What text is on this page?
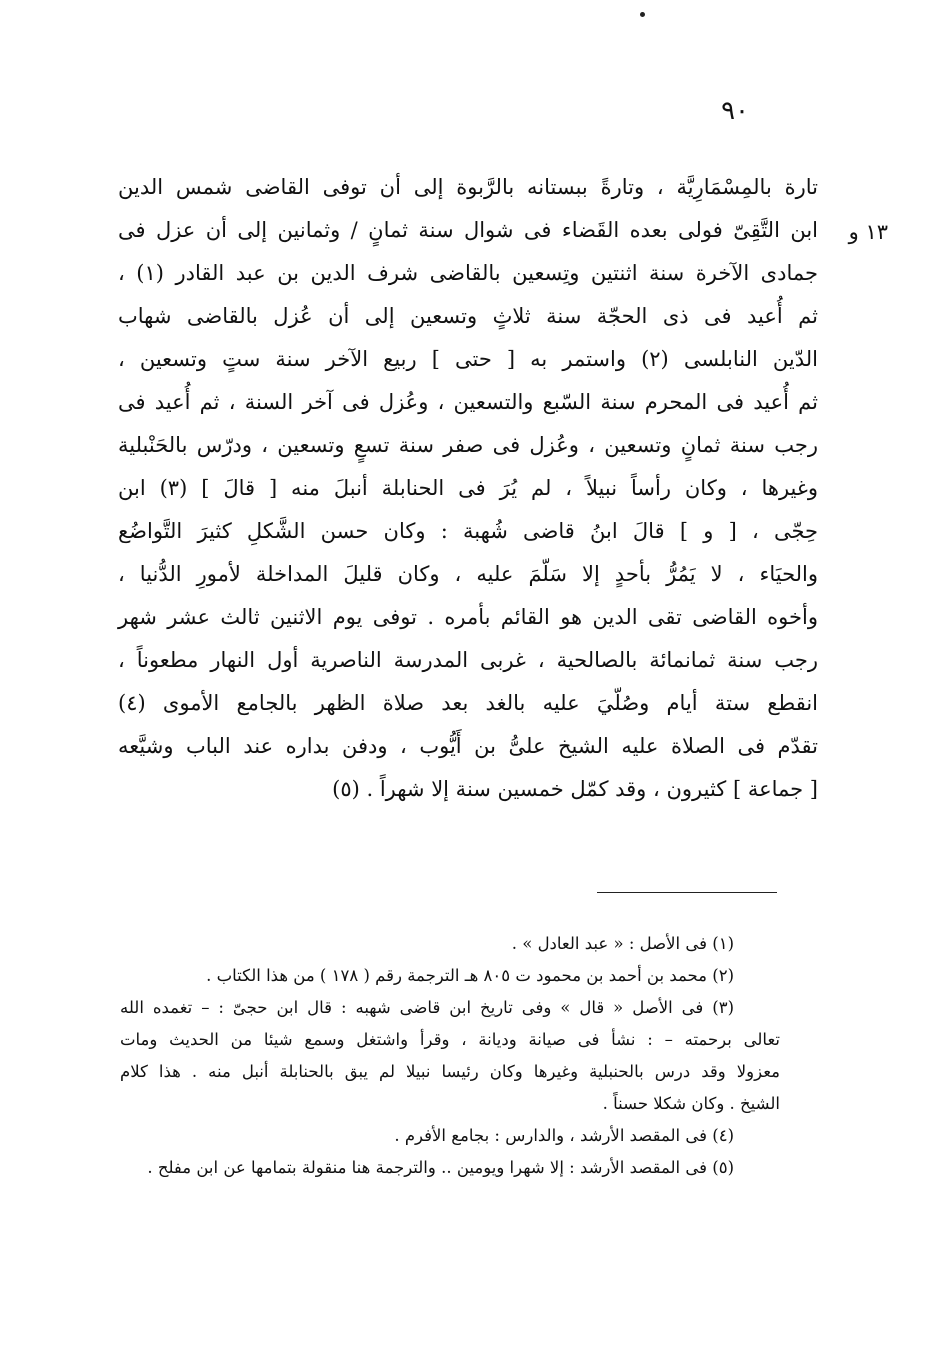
٩٠
١٣ و
تارة بالمِسْمَارِيَّة ، وتارةً ببستانه بالرَّبوة إلى أن توفى القاضى شمس الدين
ابن التَّقِىّ فولى بعده القَضاء فى شوال سنة ثمانٍ / وثمانين إلى أن عزل فى
جمادى الآخرة سنة اثنتين وتِسعين بالقاضى شرف الدين بن عبد القادر (١) ،
ثم أُعيد فى ذى الحجّة سنة ثلاثٍ وتسعين إلى أن عُزل بالقاضى شهاب
الدّين النابلسى (٢) واستمر به [ حتى ] ربيع الآخر سنة ستٍ وتسعين ،
ثم أُعيد فى المحرم سنة السّبع والتسعين ، وعُزل فى آخر السنة ، ثم أُعيد فى
رجب سنة ثمانٍ وتسعين ، وعُزل فى صفر سنة تسعٍ وتسعين ، ودرّس بالحَنْبلية
وغيرها ، وكان رأساً نبيلاً ، لم يُرَ فى الحنابلة أنبلَ منه [ قالَ ] (٣) ابن
حِجّى ، [ و ] قالَ ابنُ قاضى شُهبة : وكان حسن الشَّكلِ كثيرَ التَّواضُع
والحيَاء ، لا يَمُرُّ بأحدٍ إلا سَلّمَ عليه ، وكان قليلَ المداخلة لأمورِ الدُّنيا ،
وأخوه القاضى تقى الدين هو القائم بأمره . توفى يوم الاثنين ثالث عشر شهر
رجب سنة ثمانمائة بالصالحية ، غربى المدرسة الناصرية أول النهار مطعوناً ،
انقطع ستة أيام وصُلّيَ عليه بالغد بعد صلاة الظهر بالجامع الأموى (٤)
تقدّم فى الصلاة عليه الشيخ علىُّ بن أَيُّوب ، ودفن بداره عند الباب وشيَّعه
[ جماعة ] كثيرون ، وقد كمّل خمسين سنة إلا شهراً . (٥)
(١) فى الأصل : « عبد العادل » .
(٢) محمد بن أحمد بن محمود ت ٨٠٥ هـ الترجمة رقم ( ١٧٨ ) من هذا الكتاب .
(٣) فى الأصل « قال » وفى تاريخ ابن قاضى شهبه : قال ابن حجىّ : – تغمده الله
تعالى برحمته – : نشأ فى صيانة وديانة ، وقرأ واشتغل وسمع شيئا من الحديث ومات
معزولا وقد درس بالحنبلية وغيرها وكان رئيسا نبيلا لم يبق بالحنابلة أنبل منه . هذا كلام
الشيخ . وكان شكلا حسناً .
(٤) فى المقصد الأرشد ، والدارس : بجامع الأفرم .
(٥) فى المقصد الأرشد : إلا شهرا ويومين .. والترجمة هنا منقولة بتمامها عن ابن مفلح .
